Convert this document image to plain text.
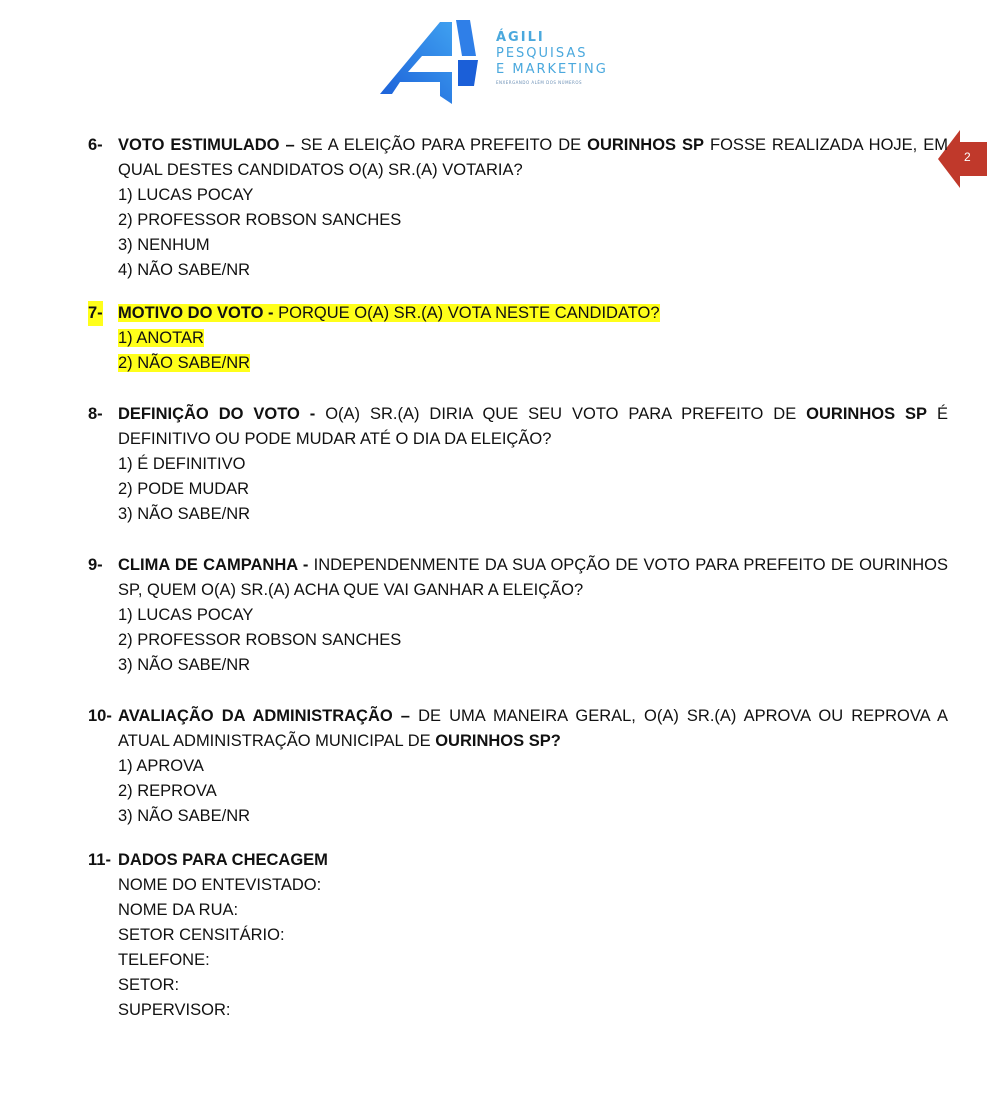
ÁGILI
PESQUISAS
E MARKETING
ENXERGANDO ALÉM DOS NÚMEROS
2
6- VOTO ESTIMULADO – SE A ELEIÇÃO PARA PREFEITO DE OURINHOS SP FOSSE REALIZADA HOJE, EM QUAL DESTES CANDIDATOS O(A) SR.(A) VOTARIA?
1) LUCAS POCAY
2) PROFESSOR ROBSON SANCHES
3) NENHUM
4) NÃO SABE/NR
7- MOTIVO DO VOTO - PORQUE O(A) SR.(A) VOTA NESTE CANDIDATO?
1) ANOTAR
2) NÃO SABE/NR
8- DEFINIÇÃO DO VOTO - O(A) SR.(A) DIRIA QUE SEU VOTO PARA PREFEITO DE OURINHOS SP É DEFINITIVO OU PODE MUDAR ATÉ O DIA DA ELEIÇÃO?
1) É DEFINITIVO
2) PODE MUDAR
3) NÃO SABE/NR
9- CLIMA DE CAMPANHA - INDEPENDENMENTE DA SUA OPÇÃO DE VOTO PARA PREFEITO DE OURINHOS SP, QUEM O(A) SR.(A) ACHA QUE VAI GANHAR A ELEIÇÃO?
1) LUCAS POCAY
2) PROFESSOR ROBSON SANCHES
3) NÃO SABE/NR
10- AVALIAÇÃO DA ADMINISTRAÇÃO – DE UMA MANEIRA GERAL, O(A) SR.(A) APROVA OU REPROVA A ATUAL ADMINISTRAÇÃO MUNICIPAL DE OURINHOS SP?
1) APROVA
2) REPROVA
3) NÃO SABE/NR
11- DADOS PARA CHECAGEM
NOME DO ENTEVISTADO:
NOME DA RUA:
SETOR CENSITÁRIO:
TELEFONE:
SETOR:
SUPERVISOR:
